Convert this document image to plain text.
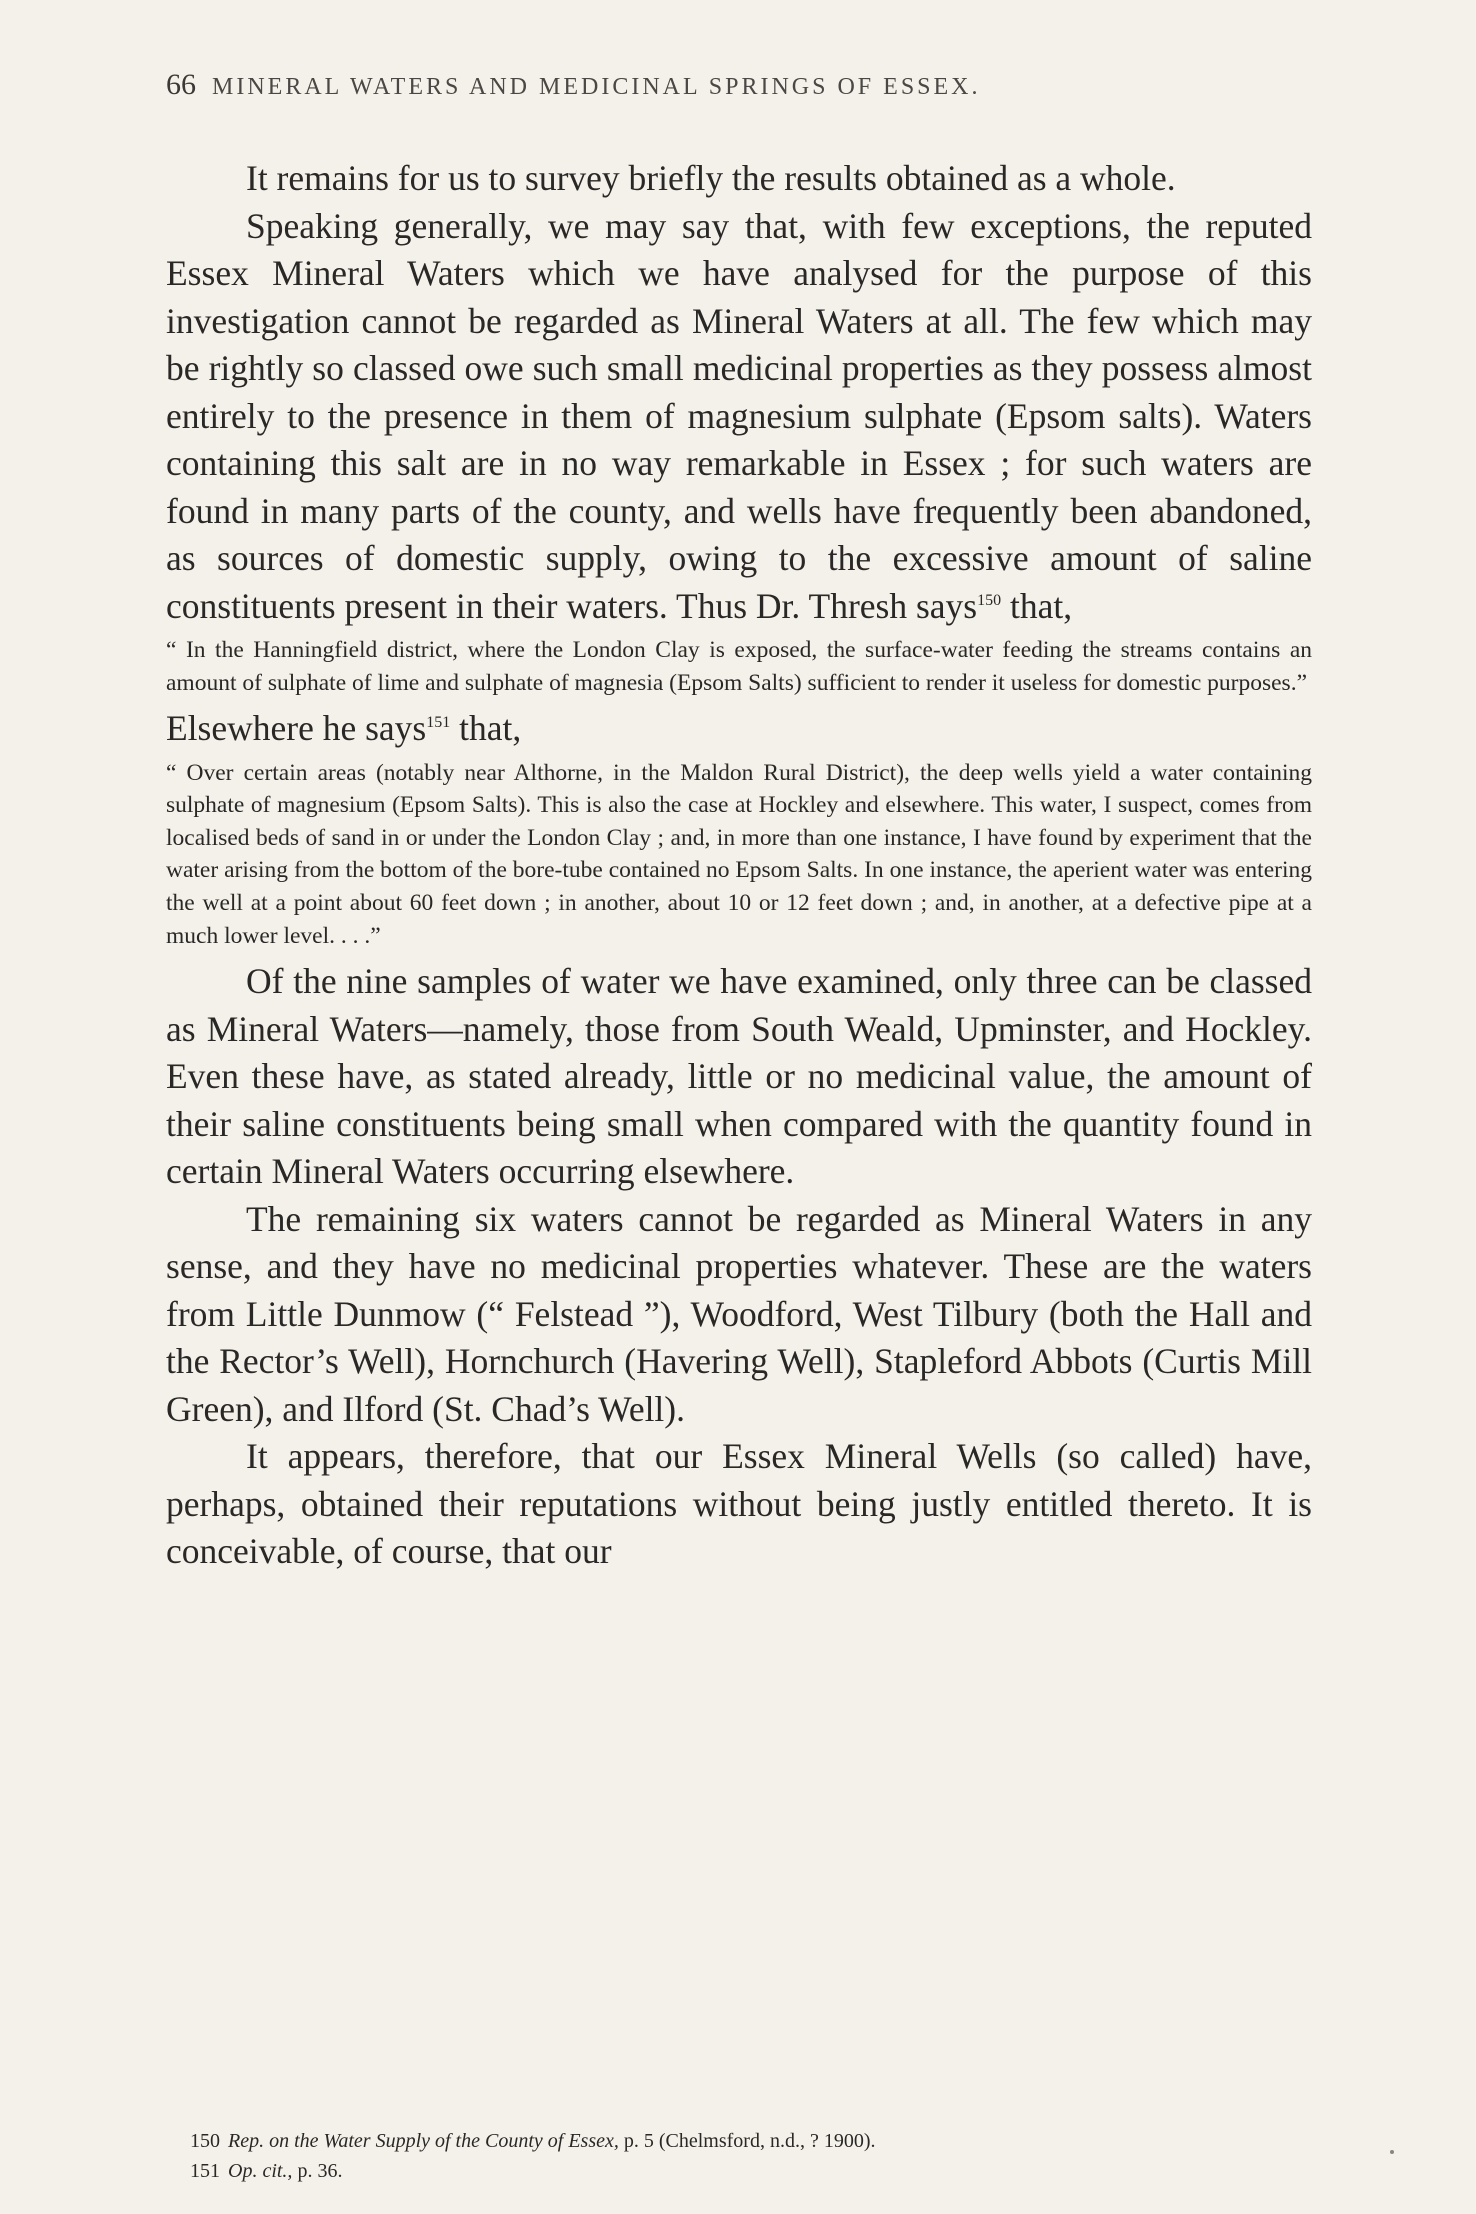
66 MINERAL WATERS AND MEDICINAL SPRINGS OF ESSEX.

It remains for us to survey briefly the results obtained as a whole.

Speaking generally, we may say that, with few exceptions, the reputed Essex Mineral Waters which we have analysed for the purpose of this investigation cannot be regarded as Mineral Waters at all. The few which may be rightly so classed owe such small medicinal properties as they possess almost entirely to the presence in them of magnesium sulphate (Epsom salts). Waters containing this salt are in no way remarkable in Essex ; for such waters are found in many parts of the county, and wells have frequently been abandoned, as sources of domestic supply, owing to the excessive amount of saline constituents present in their waters. Thus Dr. Thresh says$^{150}$ that,

“ In the Hanningfield district, where the London Clay is exposed, the surface-water feeding the streams contains an amount of sulphate of lime and sulphate of magnesia (Epsom Salts) sufficient to render it useless for domestic purposes.”

Elsewhere he says$^{151}$ that,

“ Over certain areas (notably near Althorne, in the Maldon Rural District), the deep wells yield a water containing sulphate of magnesium (Epsom Salts). This is also the case at Hockley and elsewhere. This water, I suspect, comes from localised beds of sand in or under the London Clay ; and, in more than one instance, I have found by experiment that the water arising from the bottom of the bore-tube contained no Epsom Salts. In one instance, the aperient water was entering the well at a point about 60 feet down ; in another, about 10 or 12 feet down ; and, in another, at a defective pipe at a much lower level. . . .”

Of the nine samples of water we have examined, only three can be classed as Mineral Waters—namely, those from South Weald, Upminster, and Hockley. Even these have, as stated already, little or no medicinal value, the amount of their saline constituents being small when compared with the quantity found in certain Mineral Waters occurring elsewhere.

The remaining six waters cannot be regarded as Mineral Waters in any sense, and they have no medicinal properties whatever. These are the waters from Little Dunmow (“ Felstead ”), Woodford, West Tilbury (both the Hall and the Rector’s Well), Hornchurch (Havering Well), Stapleford Abbots (Curtis Mill Green), and Ilford (St. Chad’s Well).

It appears, therefore, that our Essex Mineral Wells (so called) have, perhaps, obtained their reputations without being justly entitled thereto. It is conceivable, of course, that our

150 Rep. on the Water Supply of the County of Essex, p. 5 (Chelmsford, n.d., ? 1900).
151 Op. cit., p. 36.
